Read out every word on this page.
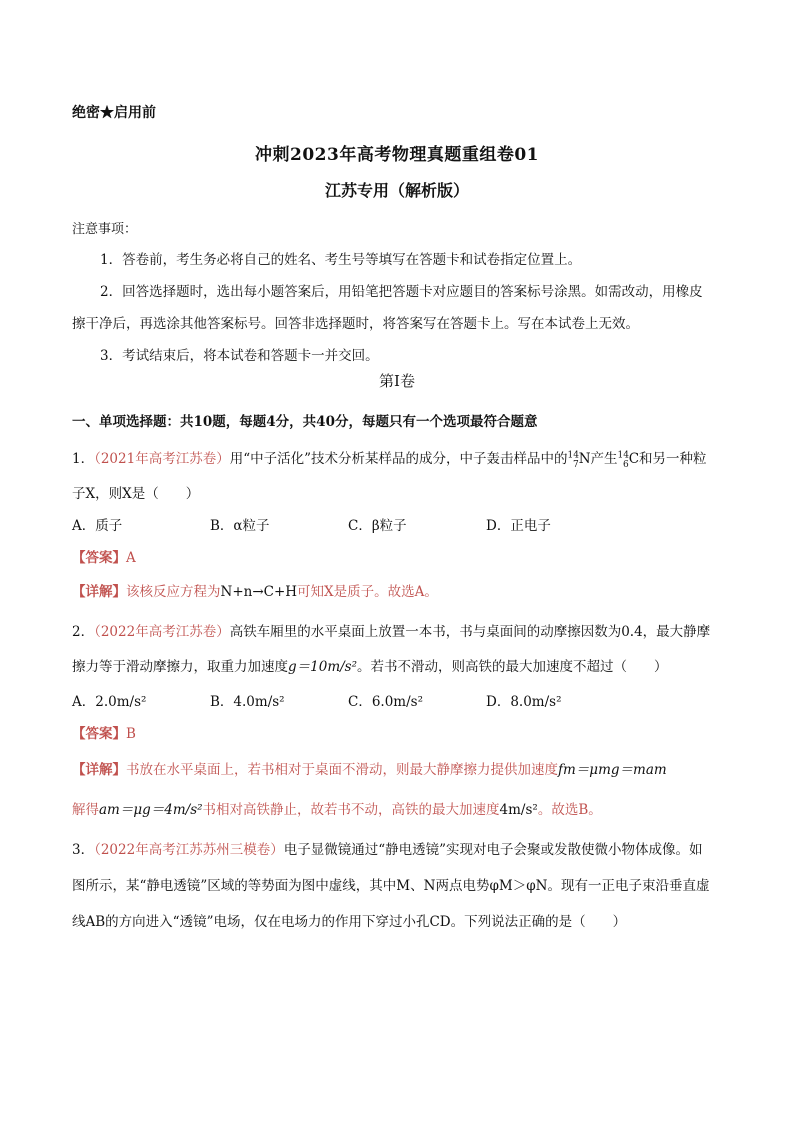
绝密★启用前
冲刺2023年高考物理真题重组卷01
江苏专用（解析版）
注意事项：
1．答卷前，考生务必将自己的姓名、考生号等填写在答题卡和试卷指定位置上。
2．回答选择题时，选出每小题答案后，用铅笔把答题卡对应题目的答案标号涂黑。如需改动，用橡皮
擦干净后，再选涂其他答案标号。回答非选择题时，将答案写在答题卡上。写在本试卷上无效。
3．考试结束后，将本试卷和答题卡一并交回。
第Ⅰ卷
一、单项选择题：共10题，每题4分，共40分，每题只有一个选项最符合题意
1．（2021年高考江苏卷）用“中子活化”技术分析某样品的成分，中子轰击样品中的$^{14}_7$N产生$^{14}_6$C和另一种粒
子X，则X是（　　）
A．质子	B．α粒子	C．β粒子	D．正电子
【答案】A
【详解】该核反应方程为N+n→C+H可知X是质子。故选A。
2．（2022年高考江苏卷）高铁车厢里的水平桌面上放置一本书，书与桌面间的动摩擦因数为0.4，最大静摩
擦力等于滑动摩擦力，取重力加速度g＝10m/s²。若书不滑动，则高铁的最大加速度不超过（　　）
A．2.0m/s²	B．4.0m/s²	C．6.0m/s²	D．8.0m/s²
【答案】B
【详解】书放在水平桌面上，若书相对于桌面不滑动，则最大静摩擦力提供加速度fm＝μmg＝mam
解得am＝μg＝4m/s²书相对高铁静止，故若书不动，高铁的最大加速度4m/s²。故选B。
3．（2022年高考江苏苏州三模卷）电子显微镜通过“静电透镜”实现对电子会聚或发散使微小物体成像。如
图所示，某“静电透镜”区域的等势面为图中虚线，其中M、N两点电势φM＞φN。现有一正电子束沿垂直虚
线AB的方向进入“透镜”电场，仅在电场力的作用下穿过小孔CD。下列说法正确的是（　　）
